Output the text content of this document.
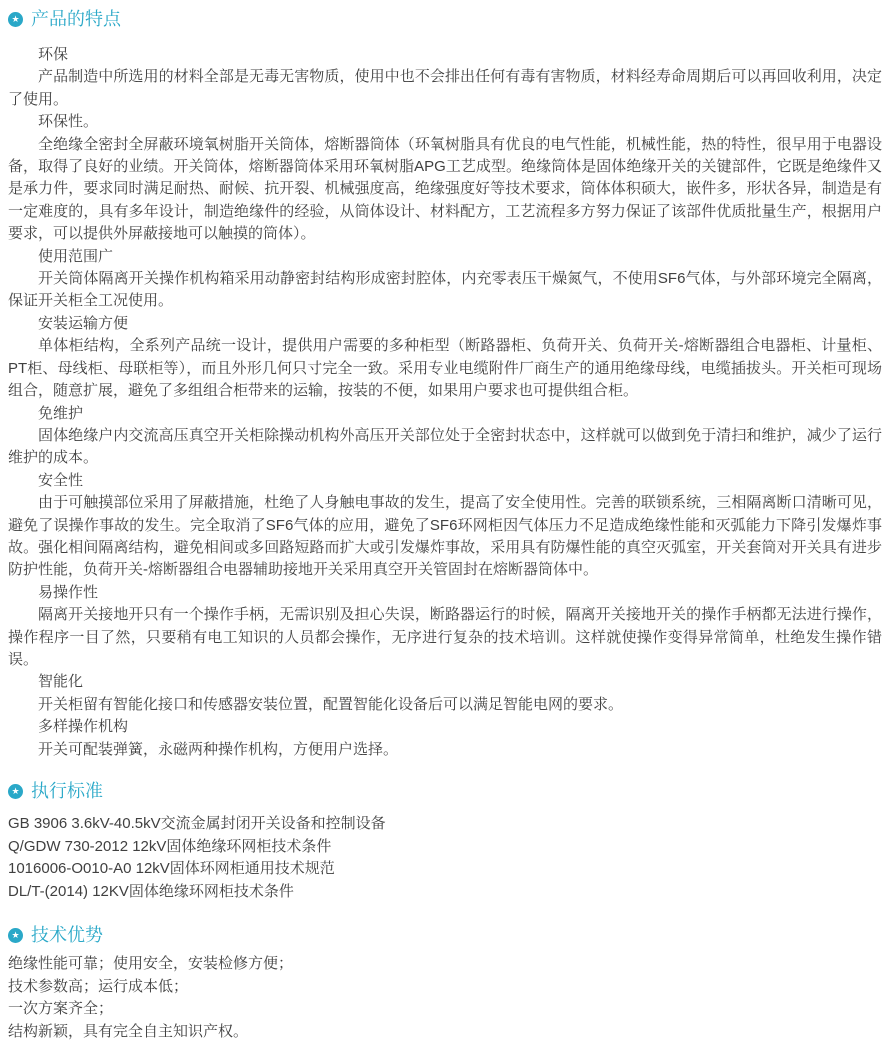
★ 产品的特点

环保

产品制造中所选用的材料全部是无毒无害物质，使用中也不会排出任何有毒有害物质，材料经寿命周期后可以再回收利用，决定了使用。

环保性。

全绝缘全密封全屏蔽环境氧树脂开关筒体，熔断器筒体（环氧树脂具有优良的电气性能，机械性能，热的特性，很早用于电器设备，取得了良好的业绩。开关筒体，熔断器筒体采用环氧树脂APG工艺成型。绝缘筒体是固体绝缘开关的关键部件，它既是绝缘件又是承力件，要求同时满足耐热、耐候、抗开裂、机械强度高，绝缘强度好等技术要求，筒体体积硕大，嵌件多，形状各异，制造是有一定难度的，具有多年设计，制造绝缘件的经验，从筒体设计、材料配方，工艺流程多方努力保证了该部件优质批量生产，根据用户要求，可以提供外屏蔽接地可以触摸的筒体）。

使用范围广

开关筒体隔离开关操作机构箱采用动静密封结构形成密封腔体，内充零表压干燥氮气，不使用SF6气体，与外部环境完全隔离，保证开关柜全工况使用。

安装运输方便

单体柜结构，全系列产品统一设计，提供用户需要的多种柜型（断路器柜、负荷开关、负荷开关-熔断器组合电器柜、计量柜、PT柜、母线柜、母联柜等），而且外形几何只寸完全一致。采用专业电缆附件厂商生产的通用绝缘母线，电缆插拔头。开关柜可现场组合，随意扩展，避免了多组组合柜带来的运输，按装的不便，如果用户要求也可提供组合柜。

免维护

固体绝缘户内交流高压真空开关柜除操动机构外高压开关部位处于全密封状态中，这样就可以做到免于清扫和维护，减少了运行维护的成本。

安全性

由于可触摸部位采用了屏蔽措施，杜绝了人身触电事故的发生，提高了安全使用性。完善的联锁系统，三相隔离断口清晰可见，避免了误操作事故的发生。完全取消了SF6气体的应用，避免了SF6环网柜因气体压力不足造成绝缘性能和灭弧能力下降引发爆炸事故。强化相间隔离结构，避免相间或多回路短路而扩大或引发爆炸事故，采用具有防爆性能的真空灭弧室，开关套筒对开关具有进步防护性能，负荷开关-熔断器组合电器辅助接地开关采用真空开关管固封在熔断器筒体中。

易操作性

隔离开关接地开只有一个操作手柄，无需识别及担心失误，断路器运行的时候，隔离开关接地开关的操作手柄都无法进行操作，操作程序一目了然，只要稍有电工知识的人员都会操作，无序进行复杂的技术培训。这样就使操作变得异常简单，杜绝发生操作错误。

智能化

开关柜留有智能化接口和传感器安装位置，配置智能化设备后可以满足智能电网的要求。

多样操作机构

开关可配装弹簧，永磁两种操作机构，方便用户选择。

★ 执行标准

GB 3906 3.6kV-40.5kV交流金属封闭开关设备和控制设备

Q/GDW 730-2012 12kV固体绝缘环网柜技术条件

1016006-O010-A0 12kV固体环网柜通用技术规范

DL/T-(2014) 12KV固体绝缘环网柜技术条件

★ 技术优势

绝缘性能可靠；使用安全，安装检修方便；

技术参数高；运行成本低；

一次方案齐全；

结构新颖，具有完全自主知识产权。
